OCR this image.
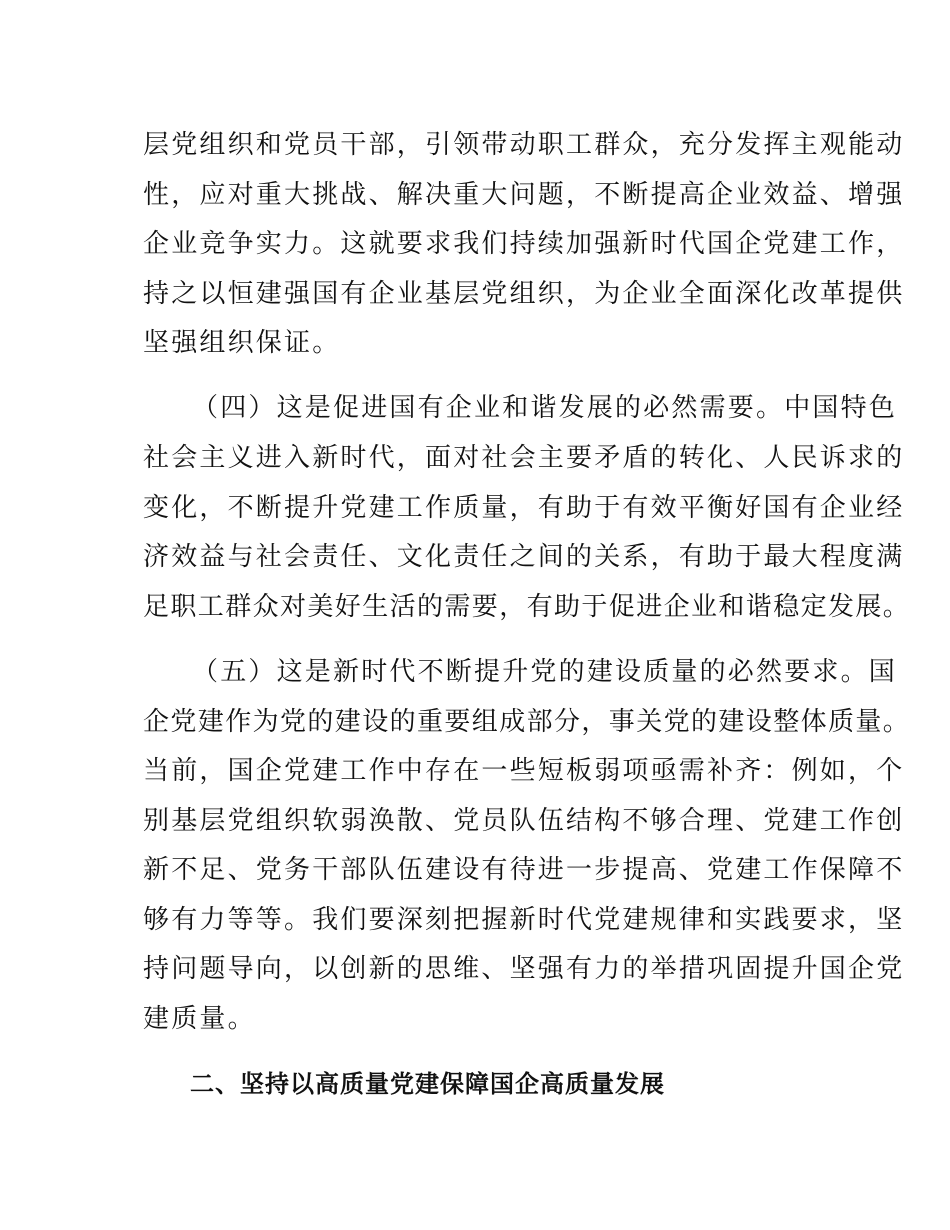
层党组织和党员干部，引领带动职工群众，充分发挥主观能动
性，应对重大挑战、解决重大问题，不断提高企业效益、增强
企业竞争实力。这就要求我们持续加强新时代国企党建工作，
持之以恒建强国有企业基层党组织，为企业全面深化改革提供
坚强组织保证。
（四）这是促进国有企业和谐发展的必然需要。中国特色
社会主义进入新时代，面对社会主要矛盾的转化、人民诉求的
变化，不断提升党建工作质量，有助于有效平衡好国有企业经
济效益与社会责任、文化责任之间的关系，有助于最大程度满
足职工群众对美好生活的需要，有助于促进企业和谐稳定发展。
（五）这是新时代不断提升党的建设质量的必然要求。国
企党建作为党的建设的重要组成部分，事关党的建设整体质量。
当前，国企党建工作中存在一些短板弱项亟需补齐：例如，个
别基层党组织软弱涣散、党员队伍结构不够合理、党建工作创
新不足、党务干部队伍建设有待进一步提高、党建工作保障不
够有力等等。我们要深刻把握新时代党建规律和实践要求，坚
持问题导向，以创新的思维、坚强有力的举措巩固提升国企党
建质量。
二、坚持以高质量党建保障国企高质量发展
